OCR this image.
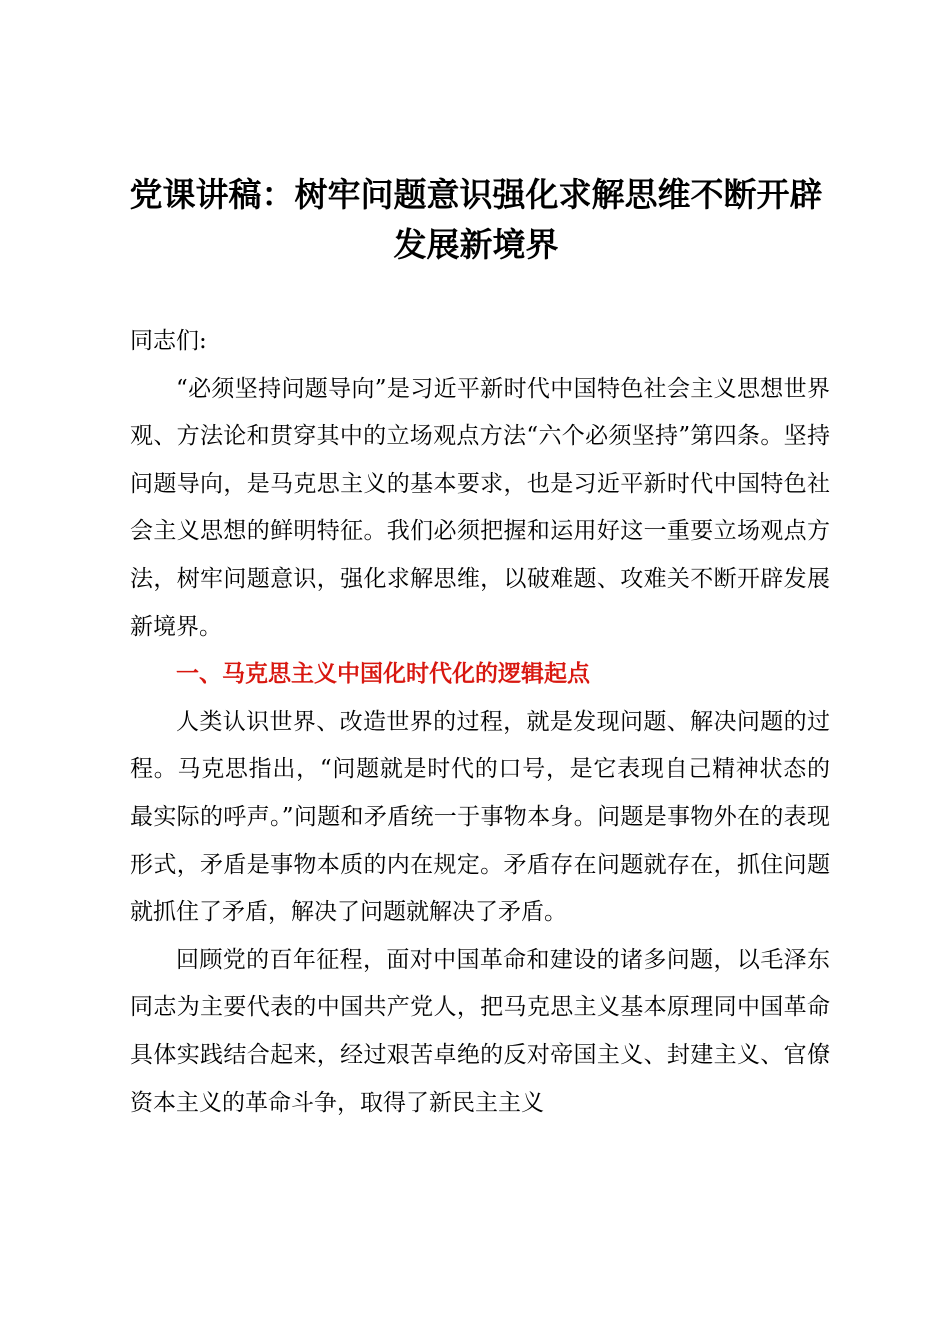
党课讲稿：树牢问题意识强化求解思维不断开辟发展新境界

同志们:

“必须坚持问题导向”是习近平新时代中国特色社会主义思想世界观、方法论和贯穿其中的立场观点方法“六个必须坚持”第四条。坚持问题导向，是马克思主义的基本要求，也是习近平新时代中国特色社会主义思想的鲜明特征。我们必须把握和运用好这一重要立场观点方法，树牢问题意识，强化求解思维，以破难题、攻难关不断开辟发展新境界。

一、马克思主义中国化时代化的逻辑起点

人类认识世界、改造世界的过程，就是发现问题、解决问题的过程。马克思指出，“问题就是时代的口号，是它表现自己精神状态的最实际的呼声。”问题和矛盾统一于事物本身。问题是事物外在的表现形式，矛盾是事物本质的内在规定。矛盾存在问题就存在，抓住问题就抓住了矛盾，解决了问题就解决了矛盾。

回顾党的百年征程，面对中国革命和建设的诸多问题，以毛泽东同志为主要代表的中国共产党人，把马克思主义基本原理同中国革命具体实践结合起来，经过艰苦卓绝的反对帝国主义、封建主义、官僚资本主义的革命斗争，取得了新民主主义
